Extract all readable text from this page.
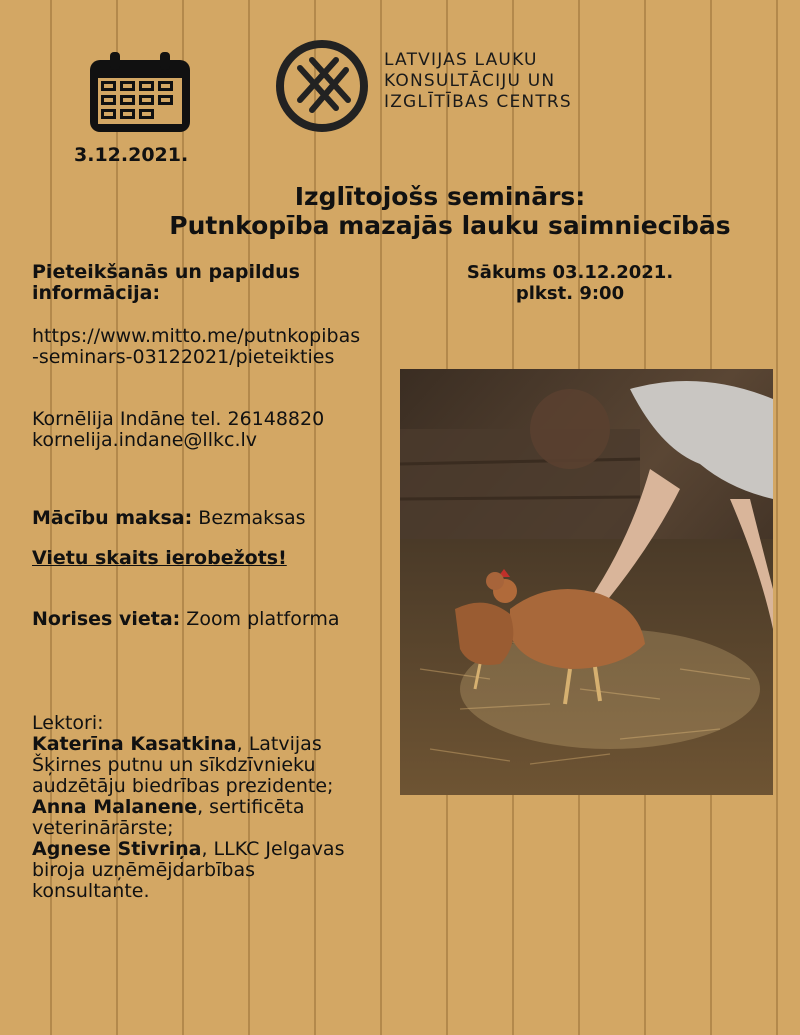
3.12.2021.
LATVIJAS LAUKU
KONSULTĀCIJU UN
IZGLĪTĪBAS CENTRS
Izglītojošs seminārs:
Putnkopība mazajās lauku saimniecībās
Pieteikšanās un papildus informācija:
https://www.mitto.me/putnkopibas-seminars-03122021/pieteikties
Kornēlija Indāne tel. 26148820
kornelija.indane@llkc.lv
Sākums 03.12.2021.
plkst. 9:00
Mācību maksa: Bezmaksas
Vietu skaits ierobežots!
Norises vieta: Zoom platforma
Lektori:
Katerīna Kasatkina, Latvijas Šķirnes putnu un sīkdzīvnieku audzētāju biedrības prezidente;
Anna Malanene, sertificēta veterinārārste;
Agnese Stivriņa, LLKC Jelgavas biroja uzņēmējdarbības konsultante.
